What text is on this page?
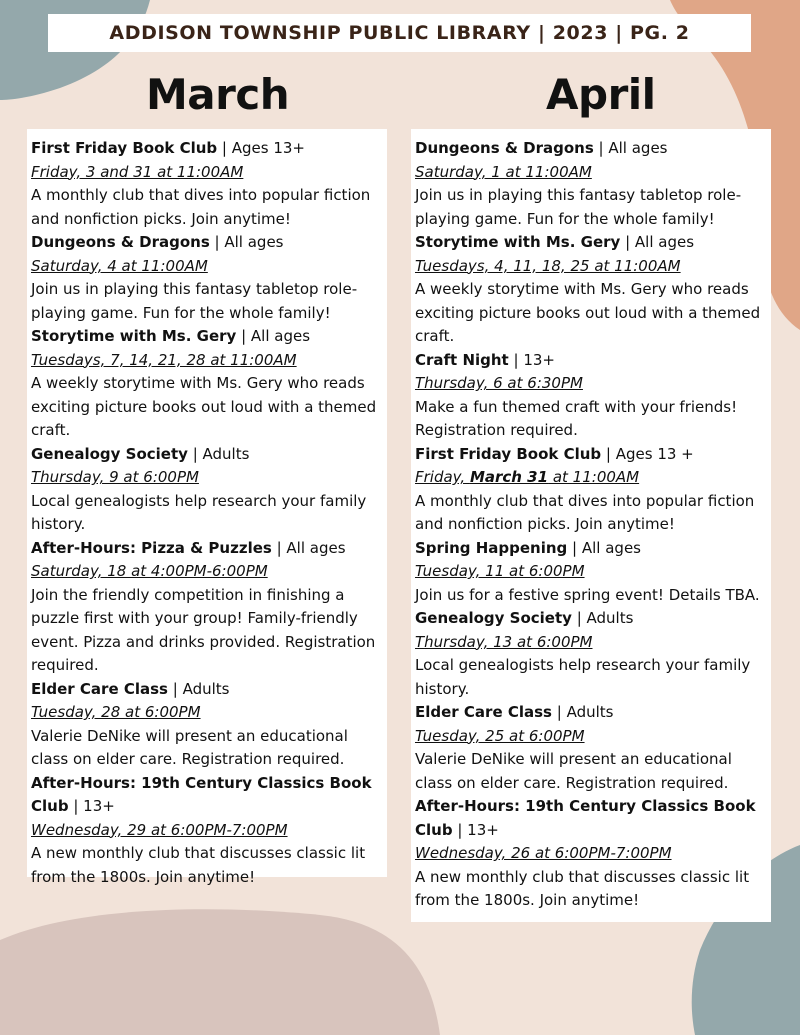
ADDISON TOWNSHIP PUBLIC LIBRARY | 2023 | PG. 2
March	April

First Friday Book Club | Ages 13+

Friday, 3 and 31 at 11:00AM

A monthly club that dives into popular fiction and nonfiction picks. Join anytime!

Dungeons & Dragons | All ages

Saturday, 4 at 11:00AM

Join us in playing this fantasy tabletop role-playing game. Fun for the whole family!

Storytime with Ms. Gery | All ages

Tuesdays, 7, 14, 21, 28 at 11:00AM

A weekly storytime with Ms. Gery who reads exciting picture books out loud with a themed craft.

Genealogy Society | Adults

Thursday, 9 at 6:00PM

Local genealogists help research your family history.

After-Hours: Pizza & Puzzles | All ages

Saturday, 18 at 4:00PM-6:00PM

Join the friendly competition in finishing a puzzle first with your group! Family-friendly event. Pizza and drinks provided. Registration required.

Elder Care Class | Adults

Tuesday, 28 at 6:00PM

Valerie DeNike will present an educational class on elder care. Registration required.

After-Hours: 19th Century Classics Book Club | 13+

Wednesday, 29 at 6:00PM-7:00PM

A new monthly club that discusses classic lit from the 1800s. Join anytime!

Dungeons & Dragons | All ages

Saturday, 1 at 11:00AM

Join us in playing this fantasy tabletop role-playing game. Fun for the whole family!

Storytime with Ms. Gery | All ages

Tuesdays, 4, 11, 18, 25 at 11:00AM

A weekly storytime with Ms. Gery who reads exciting picture books out loud with a themed craft.

Craft Night | 13+

Thursday, 6 at 6:30PM

Make a fun themed craft with your friends! Registration required.

First Friday Book Club | Ages 13 +

Friday, March 31 at 11:00AM

A monthly club that dives into popular fiction and nonfiction picks. Join anytime!

Spring Happening | All ages

Tuesday, 11 at 6:00PM

Join us for a festive spring event! Details TBA.

Genealogy Society | Adults

Thursday, 13 at 6:00PM

Local genealogists help research your family history.

Elder Care Class | Adults

Tuesday, 25 at 6:00PM

Valerie DeNike will present an educational class on elder care. Registration required.

After-Hours: 19th Century Classics Book Club | 13+

Wednesday, 26 at 6:00PM-7:00PM

A new monthly club that discusses classic lit from the 1800s. Join anytime!
